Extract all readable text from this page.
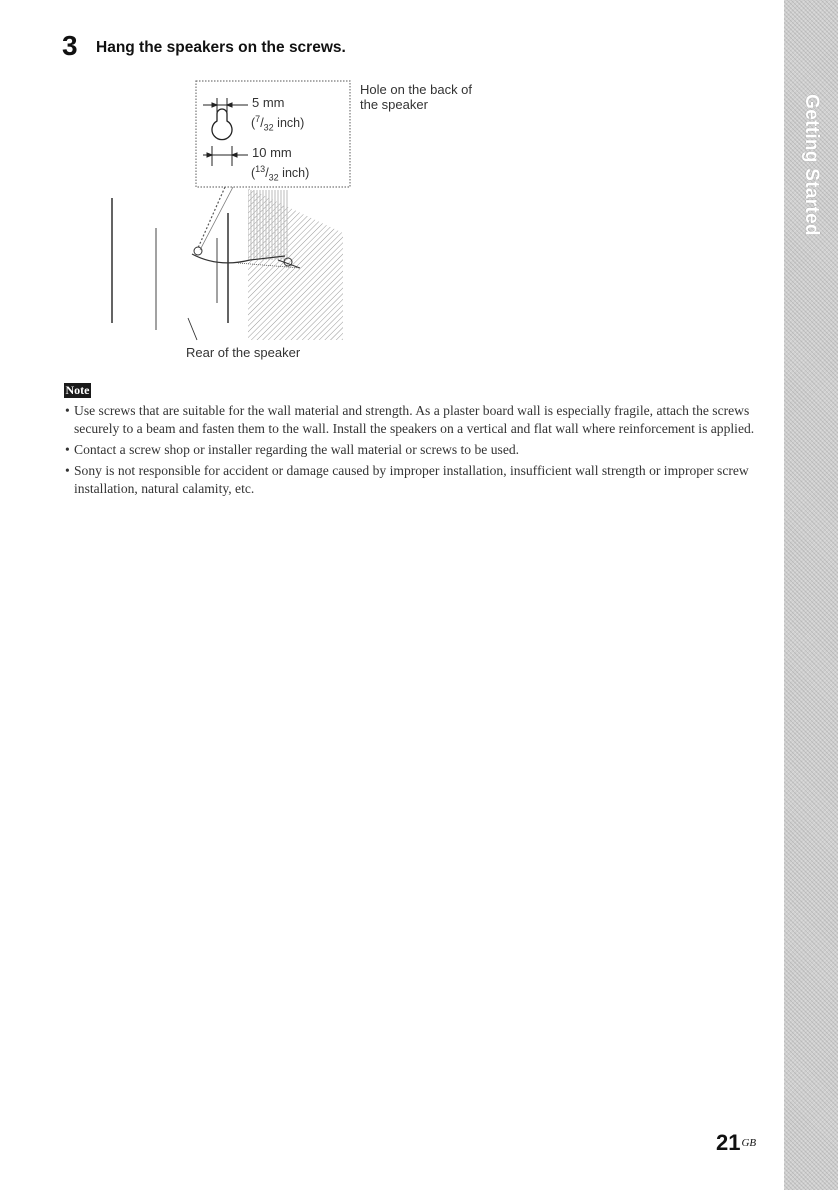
3 Hang the speakers on the screws.
5 mm
($^7/_{32}$ inch)
10 mm
($^{13}/_{32}$ inch)
Hole on the back of
the speaker
Rear of the speaker
Note
• Use screws that are suitable for the wall material and strength. As a plaster board wall is especially fragile, attach the screws securely to a beam and fasten them to the wall. Install the speakers on a vertical and flat wall where reinforcement is applied.
• Contact a screw shop or installer regarding the wall material or screws to be used.
• Sony is not responsible for accident or damage caused by improper installation, insufficient wall strength or improper screw installation, natural calamity, etc.
Getting Started
$21^{GB}$
